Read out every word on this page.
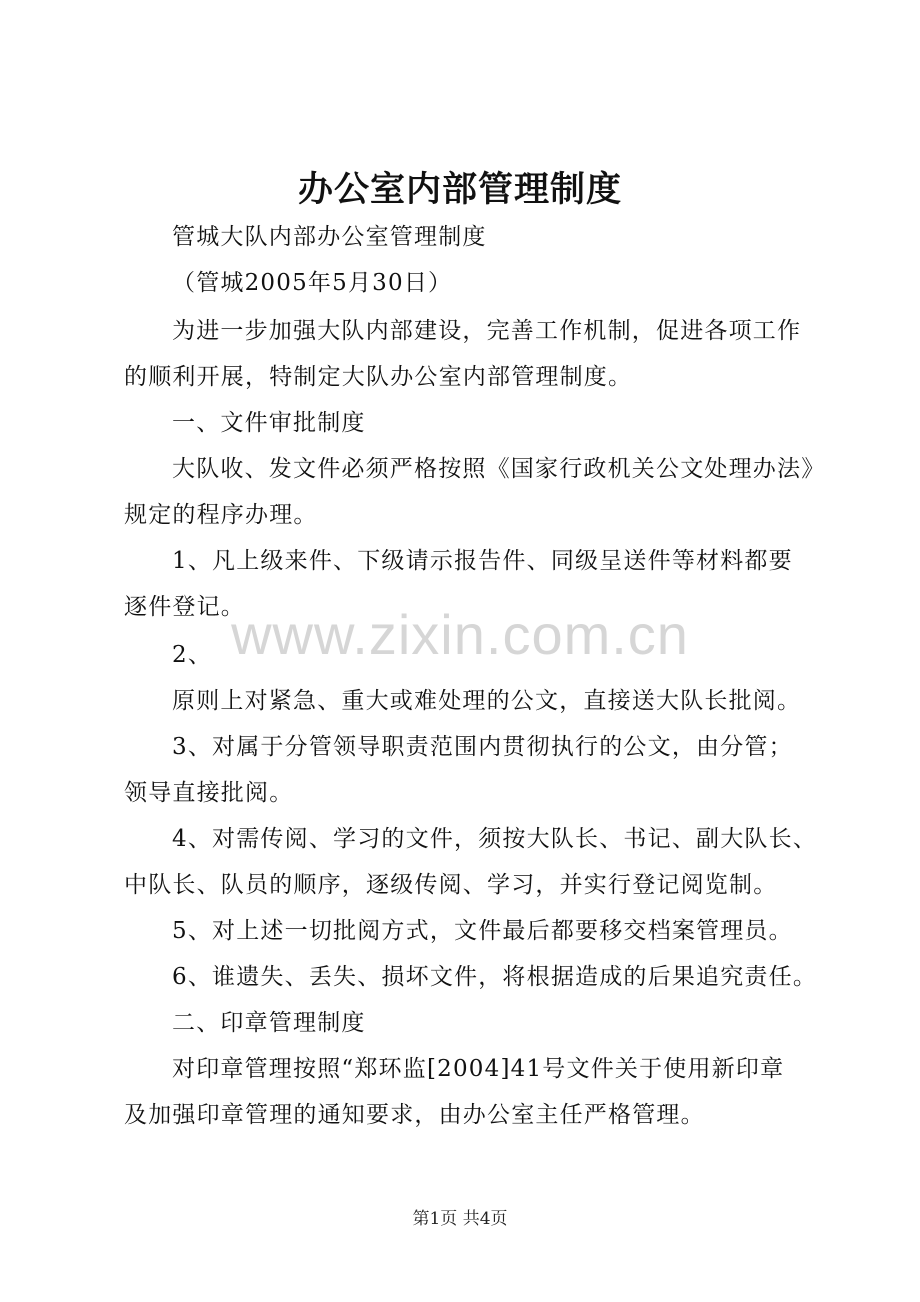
办公室内部管理制度
www.zixin.com.cn
管城大队内部办公室管理制度
（管城2005年5月30日）
为进一步加强大队内部建设，完善工作机制，促进各项工作
的顺利开展，特制定大队办公室内部管理制度。
一、文件审批制度
大队收、发文件必须严格按照《国家行政机关公文处理办法》
规定的程序办理。
1、凡上级来件、下级请示报告件、同级呈送件等材料都要
逐件登记。
2、
原则上对紧急、重大或难处理的公文，直接送大队长批阅。
3、对属于分管领导职责范围内贯彻执行的公文，由分管；
领导直接批阅。
4、对需传阅、学习的文件，须按大队长、书记、副大队长、
中队长、队员的顺序，逐级传阅、学习，并实行登记阅览制。
5、对上述一切批阅方式，文件最后都要移交档案管理员。
6、谁遗失、丢失、损坏文件，将根据造成的后果追究责任。
二、印章管理制度
对印章管理按照“郑环监[2004]41号文件关于使用新印章
及加强印章管理的通知要求，由办公室主任严格管理。
第1页 共4页
